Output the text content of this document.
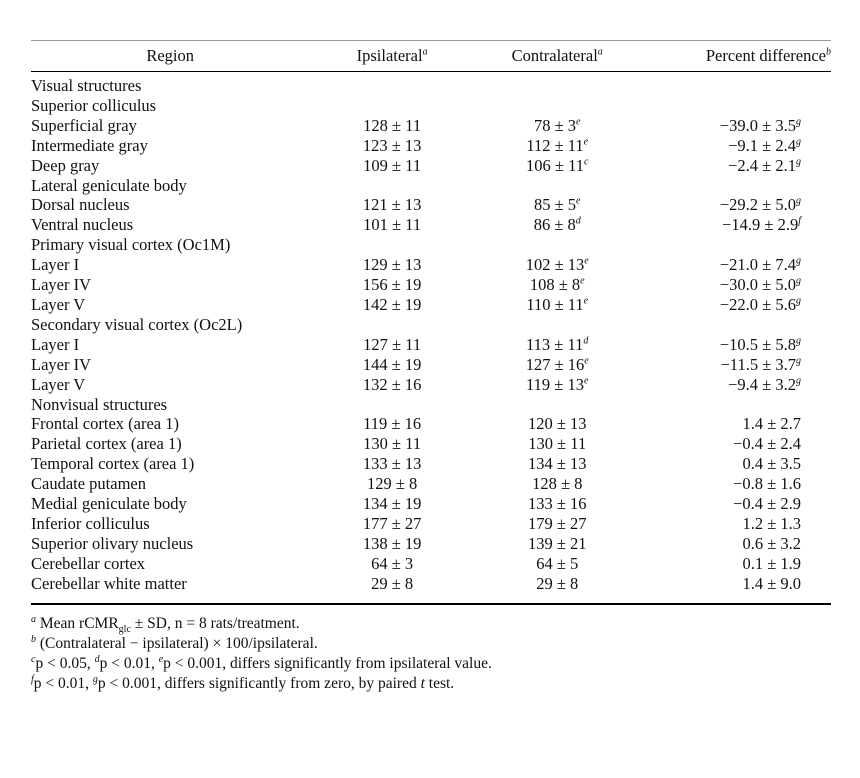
Region	Ipsilateral$^a$	Contralateral$^a$	Percent difference$^b$
Visual structures			
Superior colliculus			
Superficial gray	128 ± 11	$78 \pm 3^e$	−39.0 ± 3.5$^g$
Intermediate gray	123 ± 13	$112 \pm 11^e$	−9.1 ± 2.4$^g$
Deep gray	109 ± 11	$106 \pm 11^c$	−2.4 ± 2.1$^g$
Lateral geniculate body			
Dorsal nucleus	121 ± 13	$85 \pm 5^e$	−29.2 ± 5.0$^g$
Ventral nucleus	101 ± 11	$86 \pm 8^d$	−14.9 ± 2.9$^f$
Primary visual cortex (Oc1M)			
Layer I	129 ± 13	$102 \pm 13^e$	−21.0 ± 7.4$^g$
Layer IV	156 ± 19	$108 \pm 8^e$	−30.0 ± 5.0$^g$
Layer V	142 ± 19	$110 \pm 11^e$	−22.0 ± 5.6$^g$
Secondary visual cortex (Oc2L)			
Layer I	127 ± 11	$113 \pm 11^d$	−10.5 ± 5.8$^g$
Layer IV	144 ± 19	$127 \pm 16^e$	−11.5 ± 3.7$^g$
Layer V	132 ± 16	$119 \pm 13^e$	−9.4 ± 3.2$^g$
Nonvisual structures			
Frontal cortex (area 1)	119 ± 16	120 ± 13	1.4 ± 2.7
Parietal cortex (area 1)	130 ± 11	130 ± 11	−0.4 ± 2.4
Temporal cortex (area 1)	133 ± 13	134 ± 13	0.4 ± 3.5
Caudate putamen	129 ± 8	128 ± 8	−0.8 ± 1.6
Medial geniculate body	134 ± 19	133 ± 16	−0.4 ± 2.9
Inferior colliculus	177 ± 27	179 ± 27	1.2 ± 1.3
Superior olivary nucleus	138 ± 19	139 ± 21	0.6 ± 3.2
Cerebellar cortex	64 ± 3	64 ± 5	0.1 ± 1.9
Cerebellar white matter	29 ± 8	29 ± 8	1.4 ± 9.0
$^a$ Mean rCMR$_{glc}$ ± SD, n = 8 rats/treatment.
$^b$ (Contralateral − ipsilateral) × 100/ipsilateral.
$^c$p < 0.05, $^d$p < 0.01, $^e$p < 0.001, differs significantly from ipsilateral value.
$^f$p < 0.01, $^g$p < 0.001, differs significantly from zero, by paired t test.
